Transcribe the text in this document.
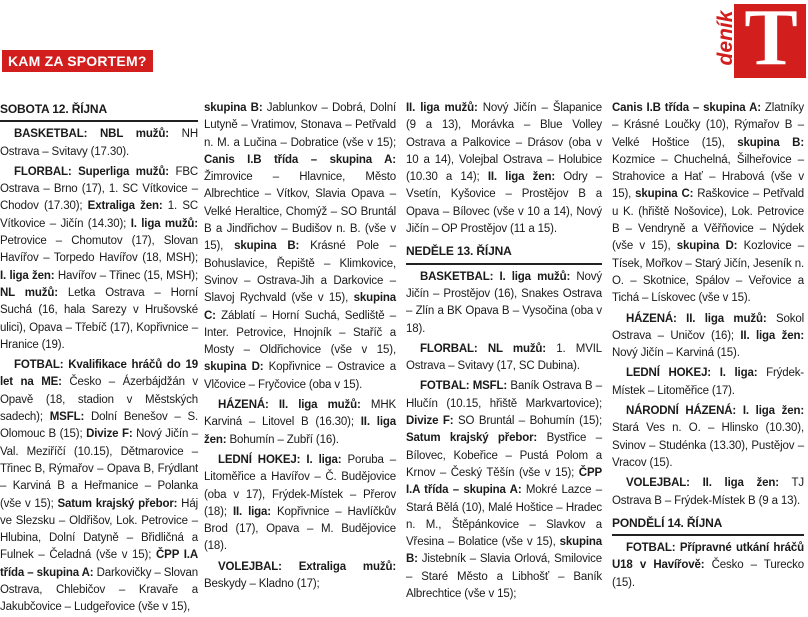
KAM ZA SPORTEM?	T
deník
SOBOTA 12. ŘÍJNA

BASKETBAL: NBL mužů: NH Ostrava – Svitavy (17.30).

FLORBAL: Superliga mužů: FBC Ostrava – Brno (17), 1. SC Vítkovice – Chodov (17.30); Extraliga žen: 1. SC Vítkovice – Jičín (14.30); I. liga mužů: Petrovice – Chomutov (17), Slovan Havířov – Torpedo Havířov (18, MSH); I. liga žen: Havířov – Třinec (15, MSH); NL mužů: Letka Ostrava – Horní Suchá (16, hala Sarezy v Hrušovské ulici), Opava – Třebíč (17), Kopřivnice – Hranice (19).

FOTBAL: Kvalifikace hráčů do 19 let na ME: Česko – Ázerbájdžán v Opavě (18, stadion v Městských sadech); MSFL: Dolní Benešov – S. Olomouc B (15); Divize F: Nový Jičín – Val. Meziříčí (10.15), Dětmarovice – Třinec B, Rýmařov – Opava B, Frýdlant – Karviná B a Heřmanice – Polanka (vše v 15); Satum krajský přebor: Háj ve Slezsku – Oldřišov, Lok. Petrovice – Hlubina, Dolní Datyně – Břidličná a Fulnek – Čeladná (vše v 15); ČPP I.A třída – skupina A: Darkovičky – Slovan Ostrava, Chlebičov – Kravaře a Jakubčovice – Ludgeřovice (vše v 15),

skupina B: Jablunkov – Dobrá, Dolní Lutyně – Vratimov, Stonava – Petřvald n. M. a Lučina – Dobratice (vše v 15); Canis I.B třída – skupina A: Žimrovice – Hlavnice, Město Albrechtice – Vítkov, Slavia Opava – Velké Heraltice, Chomýž – SO Bruntál B a Jindřichov – Budišov n. B. (vše v 15), skupina B: Krásné Pole – Bohuslavice, Řepiště – Klimkovice, Svinov – Ostrava-Jih a Darkovice – Slavoj Rychvald (vše v 15), skupina C: Záblatí – Horní Suchá, Sedliště – Inter. Petrovice, Hnojník – Staříč a Mosty – Oldřichovice (vše v 15), skupina D: Kopřivnice – Ostravice a Vlčovice – Fryčovice (oba v 15).

HÁZENÁ: II. liga mužů: MHK Karviná – Litovel B (16.30); II. liga žen: Bohumín – Zubří (16).

LEDNÍ HOKEJ: I. liga: Poruba – Litoměřice a Havířov – Č. Budějovice (oba v 17), Frýdek-Místek – Přerov (18); II. liga: Kopřivnice – Havlíčkův Brod (17), Opava – M. Budějovice (18).

VOLEJBAL: Extraliga mužů: Beskydy – Kladno (17);

II. liga mužů: Nový Jičín – Šlapanice (9 a 13), Morávka – Blue Volley Ostrava a Palkovice – Drásov (oba v 10 a 14), Volejbal Ostrava – Holubice (10.30 a 14); II. liga žen: Odry – Vsetín, Kyšovice – Prostějov B a Opava – Bílovec (vše v 10 a 14), Nový Jičín – OP Prostějov (11 a 15).

NEDĚLE 13. ŘÍJNA

BASKETBAL: I. liga mužů: Nový Jičín – Prostějov (16), Snakes Ostrava – Zlín a BK Opava B – Vysočina (oba v 18).

FLORBAL: NL mužů: 1. MVIL Ostrava – Svitavy (17, SC Dubina).

FOTBAL: MSFL: Baník Ostrava B – Hlučín (10.15, hřiště Markvartovice); Divize F: SO Bruntál – Bohumín (15); Satum krajský přebor: Bystřice – Bílovec, Kobeřice – Pustá Polom a Krnov – Český Těšín (vše v 15); ČPP I.A třída – skupina A: Mokré Lazce – Stará Bělá (10), Malé Hoštice – Hradec n. M., Štěpánkovice – Slavkov a Vřesina – Bolatice (vše v 15), skupina B: Jistebník – Slavia Orlová, Smilovice – Staré Město a Libhošť – Baník Albrechtice (vše v 15);

Canis I.B třída – skupina A: Zlatníky – Krásné Loučky (10), Rýmařov B – Velké Hoštice (15), skupina B: Kozmice – Chuchelná, Šilheřovice – Strahovice a Hať – Hrabová (vše v 15), skupina C: Raškovice – Petřvald u K. (hřiště Nošovice), Lok. Petrovice B – Vendryně a Věřňovice – Nýdek (vše v 15), skupina D: Kozlovice – Tísek, Mořkov – Starý Jičín, Jeseník n. O. – Skotnice, Spálov – Veřovice a Tichá – Lískovec (vše v 15).

HÁZENÁ: II. liga mužů: Sokol Ostrava – Uničov (16); II. liga žen: Nový Jičín – Karviná (15).

LEDNÍ HOKEJ: I. liga: Frýdek-Místek – Litoměřice (17).

NÁRODNÍ HÁZENÁ: I. liga žen: Stará Ves n. O. – Hlinsko (10.30), Svinov – Studénka (13.30), Pustějov – Vracov (15).

VOLEJBAL: II. liga žen: TJ Ostrava B – Frýdek-Místek B (9 a 13).

PONDĚLÍ 14. ŘÍJNA

FOTBAL: Přípravné utkání hráčů U18 v Havířově: Česko – Turecko (15).
